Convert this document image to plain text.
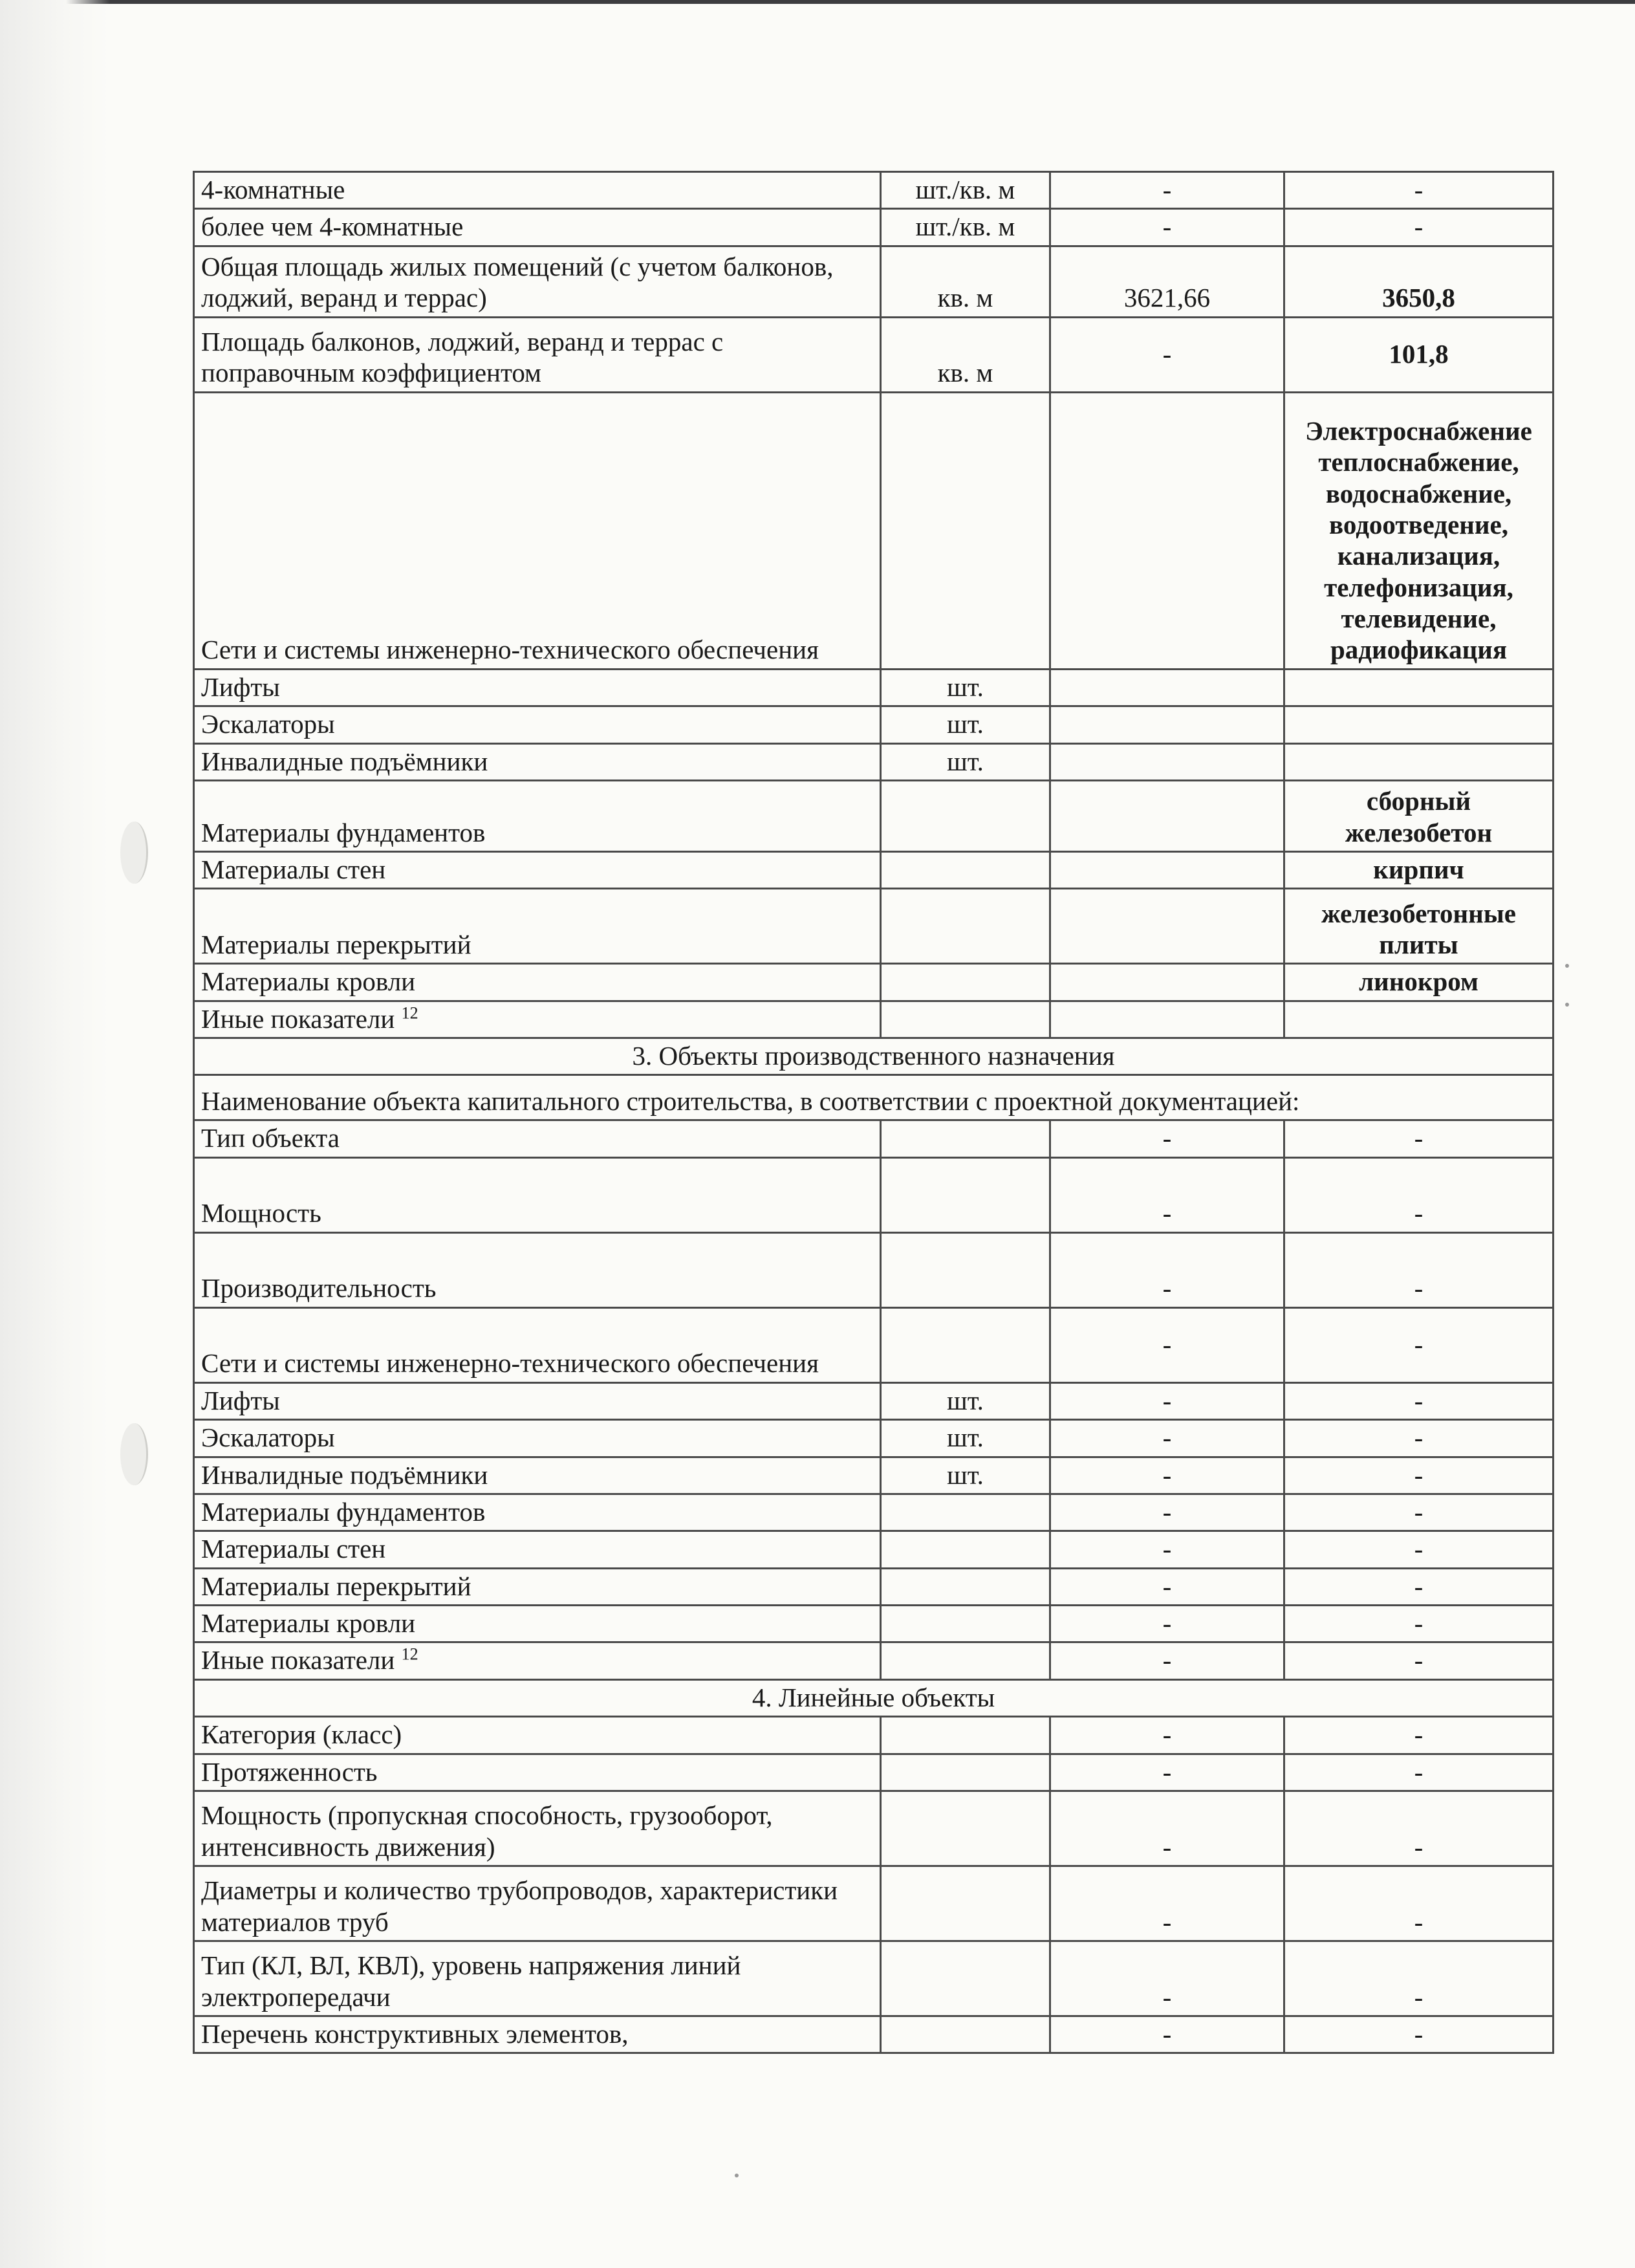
4-комнатные	шт./кв. м	-	-
более чем 4-комнатные	шт./кв. м	-	-
Общая площадь жилых помещений (с учетом балконов, лоджий, веранд и террас)	кв. м	3621,66	3650,8
Площадь балконов, лоджий, веранд и террас с поправочным коэффициентом	кв. м	-	101,8
Сети и системы инженерно-технического обеспечения			Электроснабжение теплоснабжение, водоснабжение, водоотведение, канализация, телефонизация, телевидение, радиофикация
Лифты	шт.		
Эскалаторы	шт.		
Инвалидные подъёмники	шт.		
Материалы фундаментов			сборный железобетон
Материалы стен			кирпич
Материалы перекрытий			железобетонные плиты
Материалы кровли			линокром
Иные показатели $^{12}$			
3. Объекты производственного назначения			
Наименование объекта капитального строительства, в соответствии с проектной документацией:			
Тип объекта		-	-
Мощность		-	-
Производительность		-	-
Сети и системы инженерно-технического обеспечения		-	-
Лифты	шт.	-	-
Эскалаторы	шт.	-	-
Инвалидные подъёмники	шт.	-	-
Материалы фундаментов		-	-
Материалы стен		-	-
Материалы перекрытий		-	-
Материалы кровли		-	-
Иные показатели $^{12}$		-	-
4. Линейные объекты			
Категория (класс)		-	-
Протяженность		-	-
Мощность (пропускная способность, грузооборот, интенсивность движения)		-	-
Диаметры и количество трубопроводов, характеристики материалов труб		-	-
Тип (КЛ, ВЛ, КВЛ), уровень напряжения линий электропередачи		-	-
Перечень конструктивных элементов,		-	-
